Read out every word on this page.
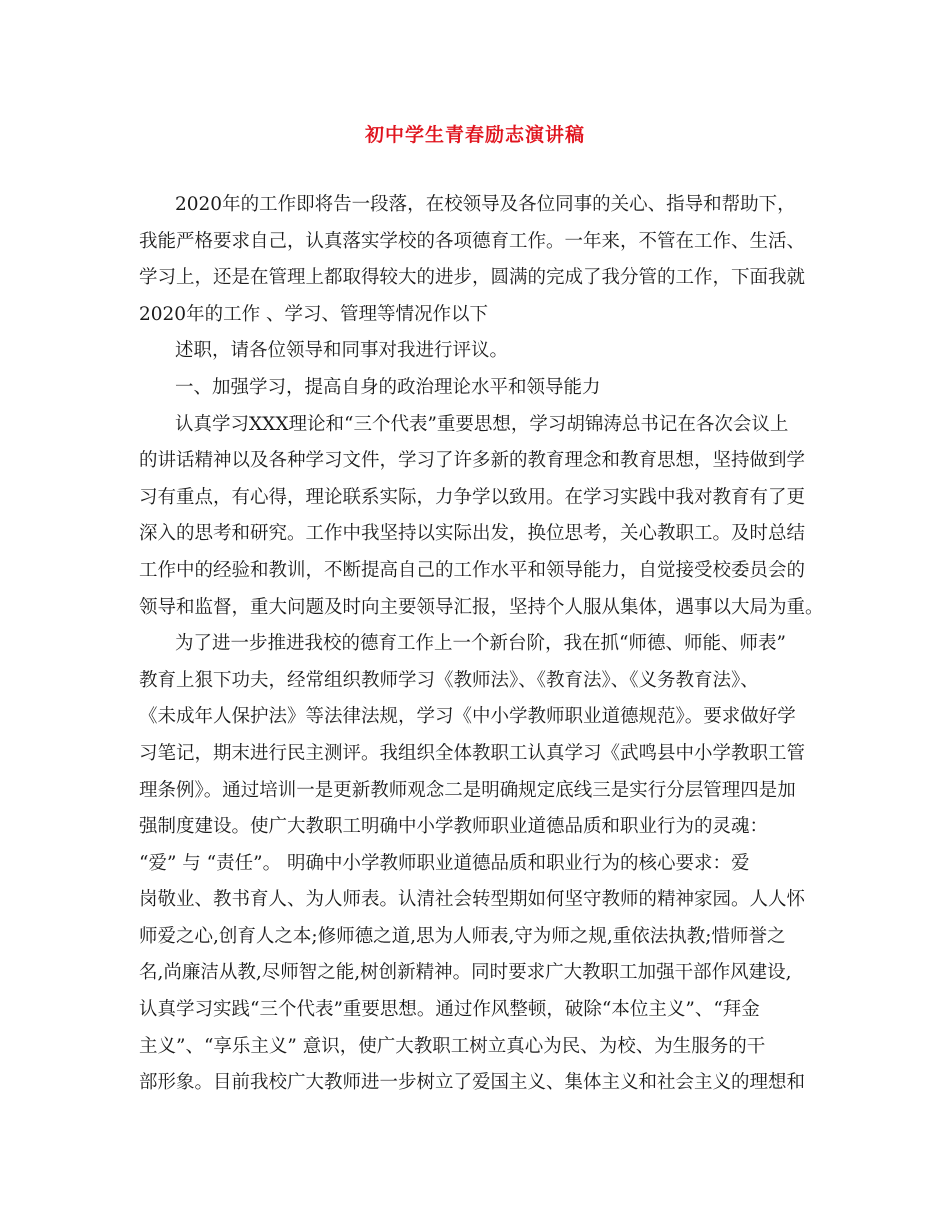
初中学生青春励志演讲稿
2020年的工作即将告一段落，在校领导及各位同事的关心、指导和帮助下，
我能严格要求自己，认真落实学校的各项德育工作。一年来，不管在工作、生活、
学习上，还是在管理上都取得较大的进步，圆满的完成了我分管的工作，下面我就
2020年的工作 、学习、管理等情况作以下
述职，请各位领导和同事对我进行评议。
一、加强学习，提高自身的政治理论水平和领导能力
认真学习XXX理论和“三个代表”重要思想，学习胡锦涛总书记在各次会议上
的讲话精神以及各种学习文件，学习了许多新的教育理念和教育思想，坚持做到学
习有重点，有心得，理论联系实际，力争学以致用。在学习实践中我对教育有了更
深入的思考和研究。工作中我坚持以实际出发，换位思考，关心教职工。及时总结
工作中的经验和教训，不断提高自己的工作水平和领导能力，自觉接受校委员会的
领导和监督，重大问题及时向主要领导汇报，坚持个人服从集体，遇事以大局为重。
为了进一步推进我校的德育工作上一个新台阶，我在抓“师德、师能、师表”
教育上狠下功夫，经常组织教师学习《教师法》、《教育法》、《义务教育法》、
《未成年人保护法》等法律法规，学习《中小学教师职业道德规范》。要求做好学
习笔记，期末进行民主测评。我组织全体教职工认真学习《武鸣县中小学教职工管
理条例》。通过培训一是更新教师观念二是明确规定底线三是实行分层管理四是加
强制度建设。使广大教职工明确中小学教师职业道德品质和职业行为的灵魂：
“爱” 与 “责任”。 明确中小学教师职业道德品质和职业行为的核心要求：爱
岗敬业、教书育人、为人师表。认清社会转型期如何坚守教师的精神家园。人人怀
师爱之心,创育人之本;修师德之道,思为人师表,守为师之规,重依法执教;惜师誉之
名,尚廉洁从教,尽师智之能,树创新精神。同时要求广大教职工加强干部作风建设,
认真学习实践“三个代表”重要思想。通过作风整顿，破除“本位主义”、“拜金
主义”、“享乐主义” 意识，使广大教职工树立真心为民、为校、为生服务的干
部形象。目前我校广大教师进一步树立了爱国主义、集体主义和社会主义的理想和
